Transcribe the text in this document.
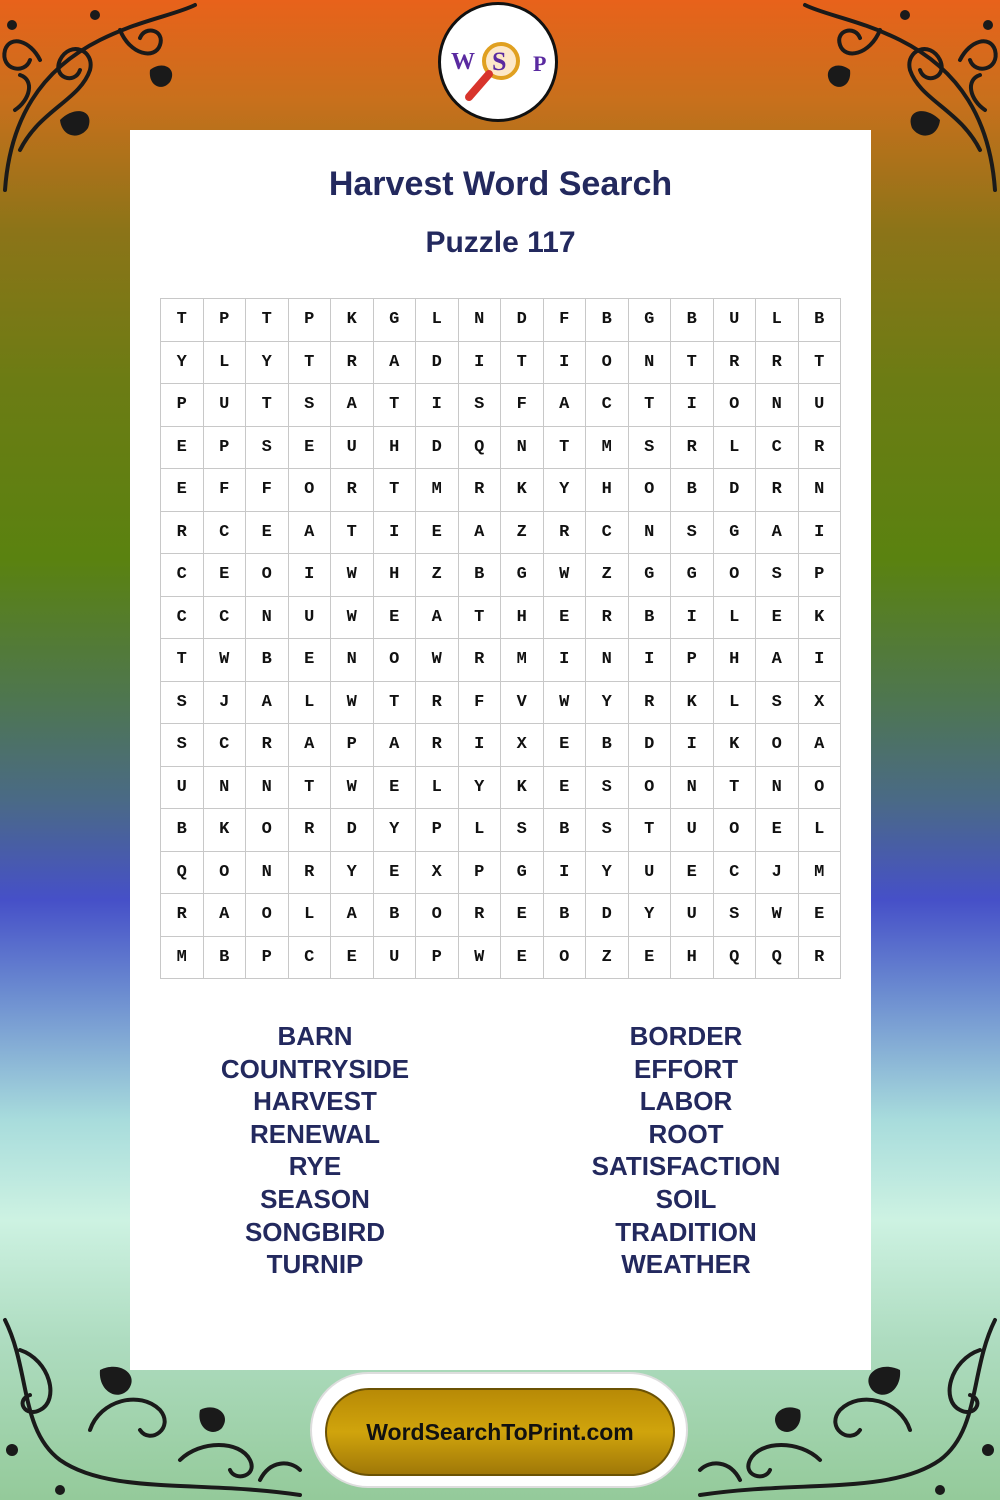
W S P
Harvest Word Search
Puzzle 117
T	P	T	P	K	G	L	N	D	F	B	G	B	U	L	B
Y	L	Y	T	R	A	D	I	T	I	O	N	T	R	R	T
P	U	T	S	A	T	I	S	F	A	C	T	I	O	N	U
E	P	S	E	U	H	D	Q	N	T	M	S	R	L	C	R
E	F	F	O	R	T	M	R	K	Y	H	O	B	D	R	N
R	C	E	A	T	I	E	A	Z	R	C	N	S	G	A	I
C	E	O	I	W	H	Z	B	G	W	Z	G	G	O	S	P
C	C	N	U	W	E	A	T	H	E	R	B	I	L	E	K
T	W	B	E	N	O	W	R	M	I	N	I	P	H	A	I
S	J	A	L	W	T	R	F	V	W	Y	R	K	L	S	X
S	C	R	A	P	A	R	I	X	E	B	D	I	K	O	A
U	N	N	T	W	E	L	Y	K	E	S	O	N	T	N	O
B	K	O	R	D	Y	P	L	S	B	S	T	U	O	E	L
Q	O	N	R	Y	E	X	P	G	I	Y	U	E	C	J	M
R	A	O	L	A	B	O	R	E	B	D	Y	U	S	W	E
M	B	P	C	E	U	P	W	E	O	Z	E	H	Q	Q	R
BARN
COUNTRYSIDE
HARVEST
RENEWAL
RYE
SEASON
SONGBIRD
TURNIP
BORDER
EFFORT
LABOR
ROOT
SATISFACTION
SOIL
TRADITION
WEATHER
WordSearchToPrint.com
